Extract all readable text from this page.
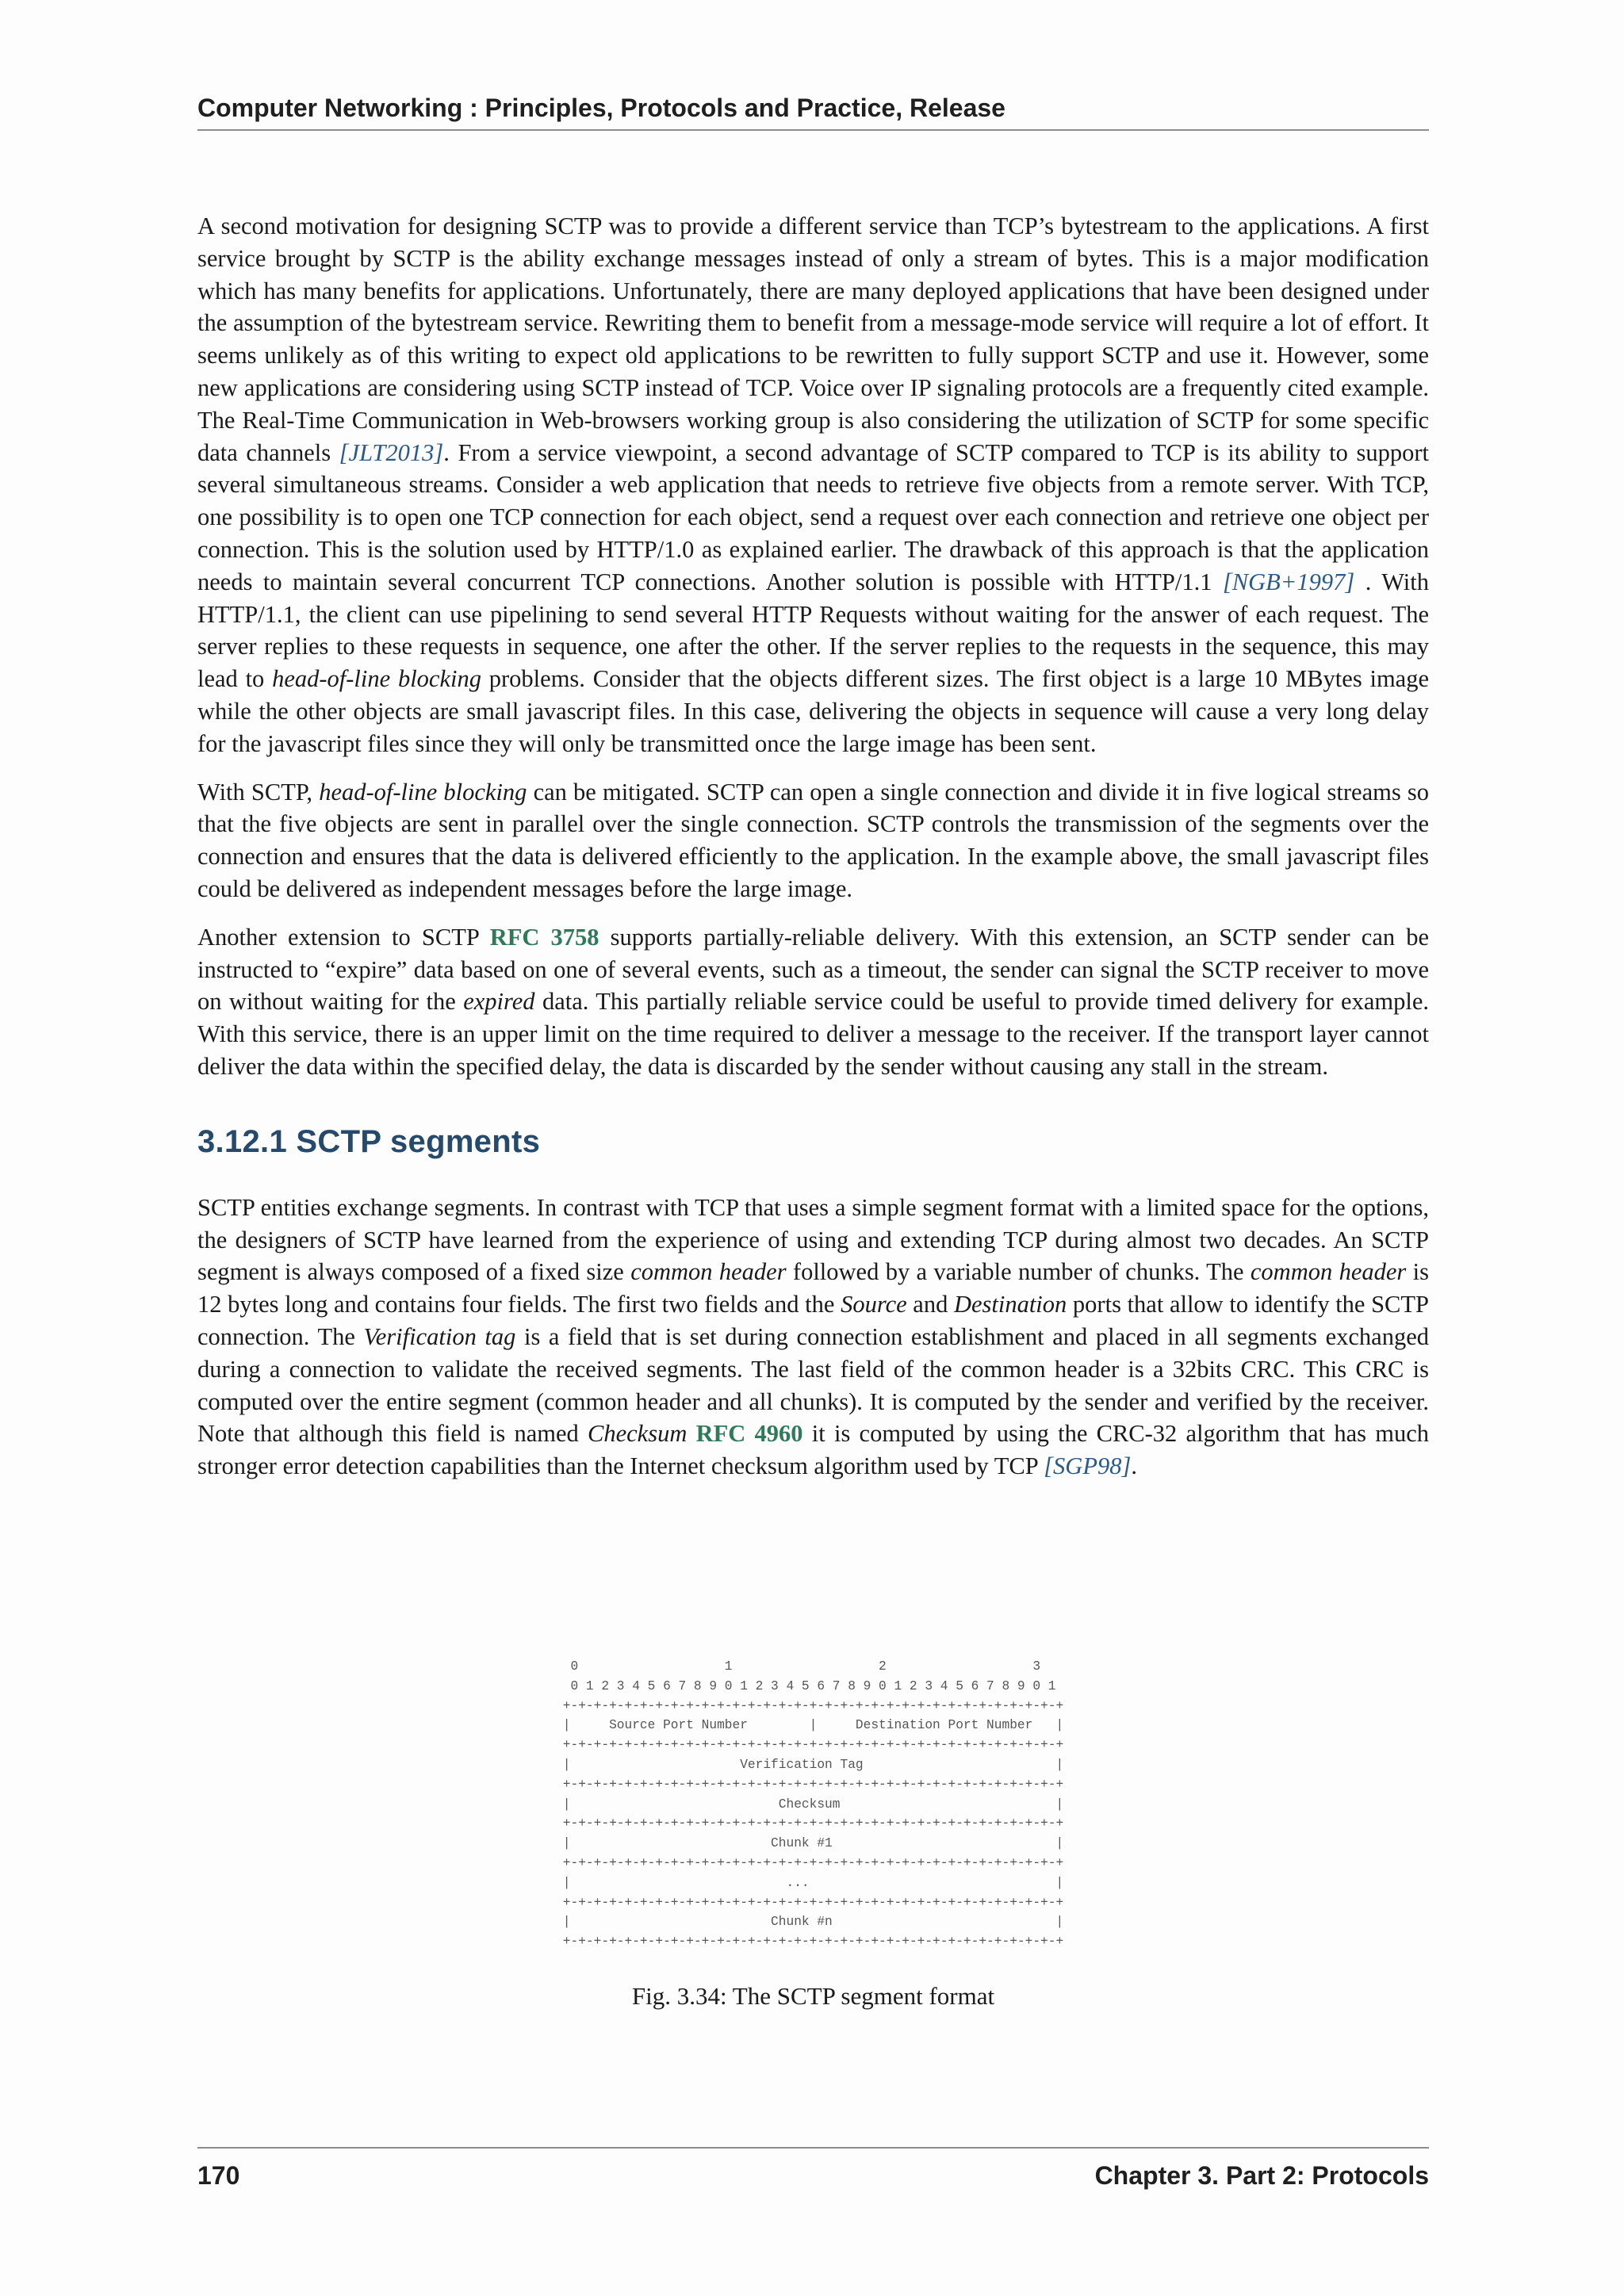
Computer Networking : Principles, Protocols and Practice, Release

A second motivation for designing SCTP was to provide a different service than TCP’s bytestream to the applications. A first service brought by SCTP is the ability exchange messages instead of only a stream of bytes. This is a major modification which has many benefits for applications. Unfortunately, there are many deployed applications that have been designed under the assumption of the bytestream service. Rewriting them to benefit from a message-mode service will require a lot of effort. It seems unlikely as of this writing to expect old applications to be rewritten to fully support SCTP and use it. However, some new applications are considering using SCTP instead of TCP. Voice over IP signaling protocols are a frequently cited example. The Real-Time Communication in Web-browsers working group is also considering the utilization of SCTP for some specific data channels [JLT2013]. From a service viewpoint, a second advantage of SCTP compared to TCP is its ability to support several simultaneous streams. Consider a web application that needs to retrieve five objects from a remote server. With TCP, one possibility is to open one TCP connection for each object, send a request over each connection and retrieve one object per connection. This is the solution used by HTTP/1.0 as explained earlier. The drawback of this approach is that the application needs to maintain several concurrent TCP connections. Another solution is possible with HTTP/1.1 [NGB+1997] . With HTTP/1.1, the client can use pipelining to send several HTTP Requests without waiting for the answer of each request. The server replies to these requests in sequence, one after the other. If the server replies to the requests in the sequence, this may lead to head-of-line blocking problems. Consider that the objects different sizes. The first object is a large 10 MBytes image while the other objects are small javascript files. In this case, delivering the objects in sequence will cause a very long delay for the javascript files since they will only be transmitted once the large image has been sent.

With SCTP, head-of-line blocking can be mitigated. SCTP can open a single connection and divide it in five logical streams so that the five objects are sent in parallel over the single connection. SCTP controls the transmission of the segments over the connection and ensures that the data is delivered efficiently to the application. In the example above, the small javascript files could be delivered as independent messages before the large image.

Another extension to SCTP RFC 3758 supports partially-reliable delivery. With this extension, an SCTP sender can be instructed to “expire” data based on one of several events, such as a timeout, the sender can signal the SCTP receiver to move on without waiting for the expired data. This partially reliable service could be useful to provide timed delivery for example. With this service, there is an upper limit on the time required to deliver a message to the receiver. If the transport layer cannot deliver the data within the specified delay, the data is discarded by the sender without causing any stall in the stream.

3.12.1 SCTP segments

SCTP entities exchange segments. In contrast with TCP that uses a simple segment format with a limited space for the options, the designers of SCTP have learned from the experience of using and extending TCP during almost two decades. An SCTP segment is always composed of a fixed size common header followed by a variable number of chunks. The common header is 12 bytes long and contains four fields. The first two fields and the Source and Destination ports that allow to identify the SCTP connection. The Verification tag is a field that is set during connection establishment and placed in all segments exchanged during a connection to validate the received segments. The last field of the common header is a 32bits CRC. This CRC is computed over the entire segment (common header and all chunks). It is computed by the sender and verified by the receiver. Note that although this field is named Checksum RFC 4960 it is computed by using the CRC-32 algorithm that has much stronger error detection capabilities than the Internet checksum algorithm used by TCP [SGP98].

0                   1                   2                   3
0 1 2 3 4 5 6 7 8 9 0 1 2 3 4 5 6 7 8 9 0 1 2 3 4 5 6 7 8 9 0 1
+-+-+-+-+-+-+-+-+-+-+-+-+-+-+-+-+-+-+-+-+-+-+-+-+-+-+-+-+-+-+-+-+
|     Source Port Number        |     Destination Port Number   |
+-+-+-+-+-+-+-+-+-+-+-+-+-+-+-+-+-+-+-+-+-+-+-+-+-+-+-+-+-+-+-+-+
|                      Verification Tag                         |
+-+-+-+-+-+-+-+-+-+-+-+-+-+-+-+-+-+-+-+-+-+-+-+-+-+-+-+-+-+-+-+-+
|                           Checksum                            |
+-+-+-+-+-+-+-+-+-+-+-+-+-+-+-+-+-+-+-+-+-+-+-+-+-+-+-+-+-+-+-+-+
|                          Chunk #1                             |
+-+-+-+-+-+-+-+-+-+-+-+-+-+-+-+-+-+-+-+-+-+-+-+-+-+-+-+-+-+-+-+-+
|                            ...                                |
+-+-+-+-+-+-+-+-+-+-+-+-+-+-+-+-+-+-+-+-+-+-+-+-+-+-+-+-+-+-+-+-+
|                          Chunk #n                             |
+-+-+-+-+-+-+-+-+-+-+-+-+-+-+-+-+-+-+-+-+-+-+-+-+-+-+-+-+-+-+-+-+
Fig. 3.34: The SCTP segment format
170	Chapter 3. Part 2: Protocols
